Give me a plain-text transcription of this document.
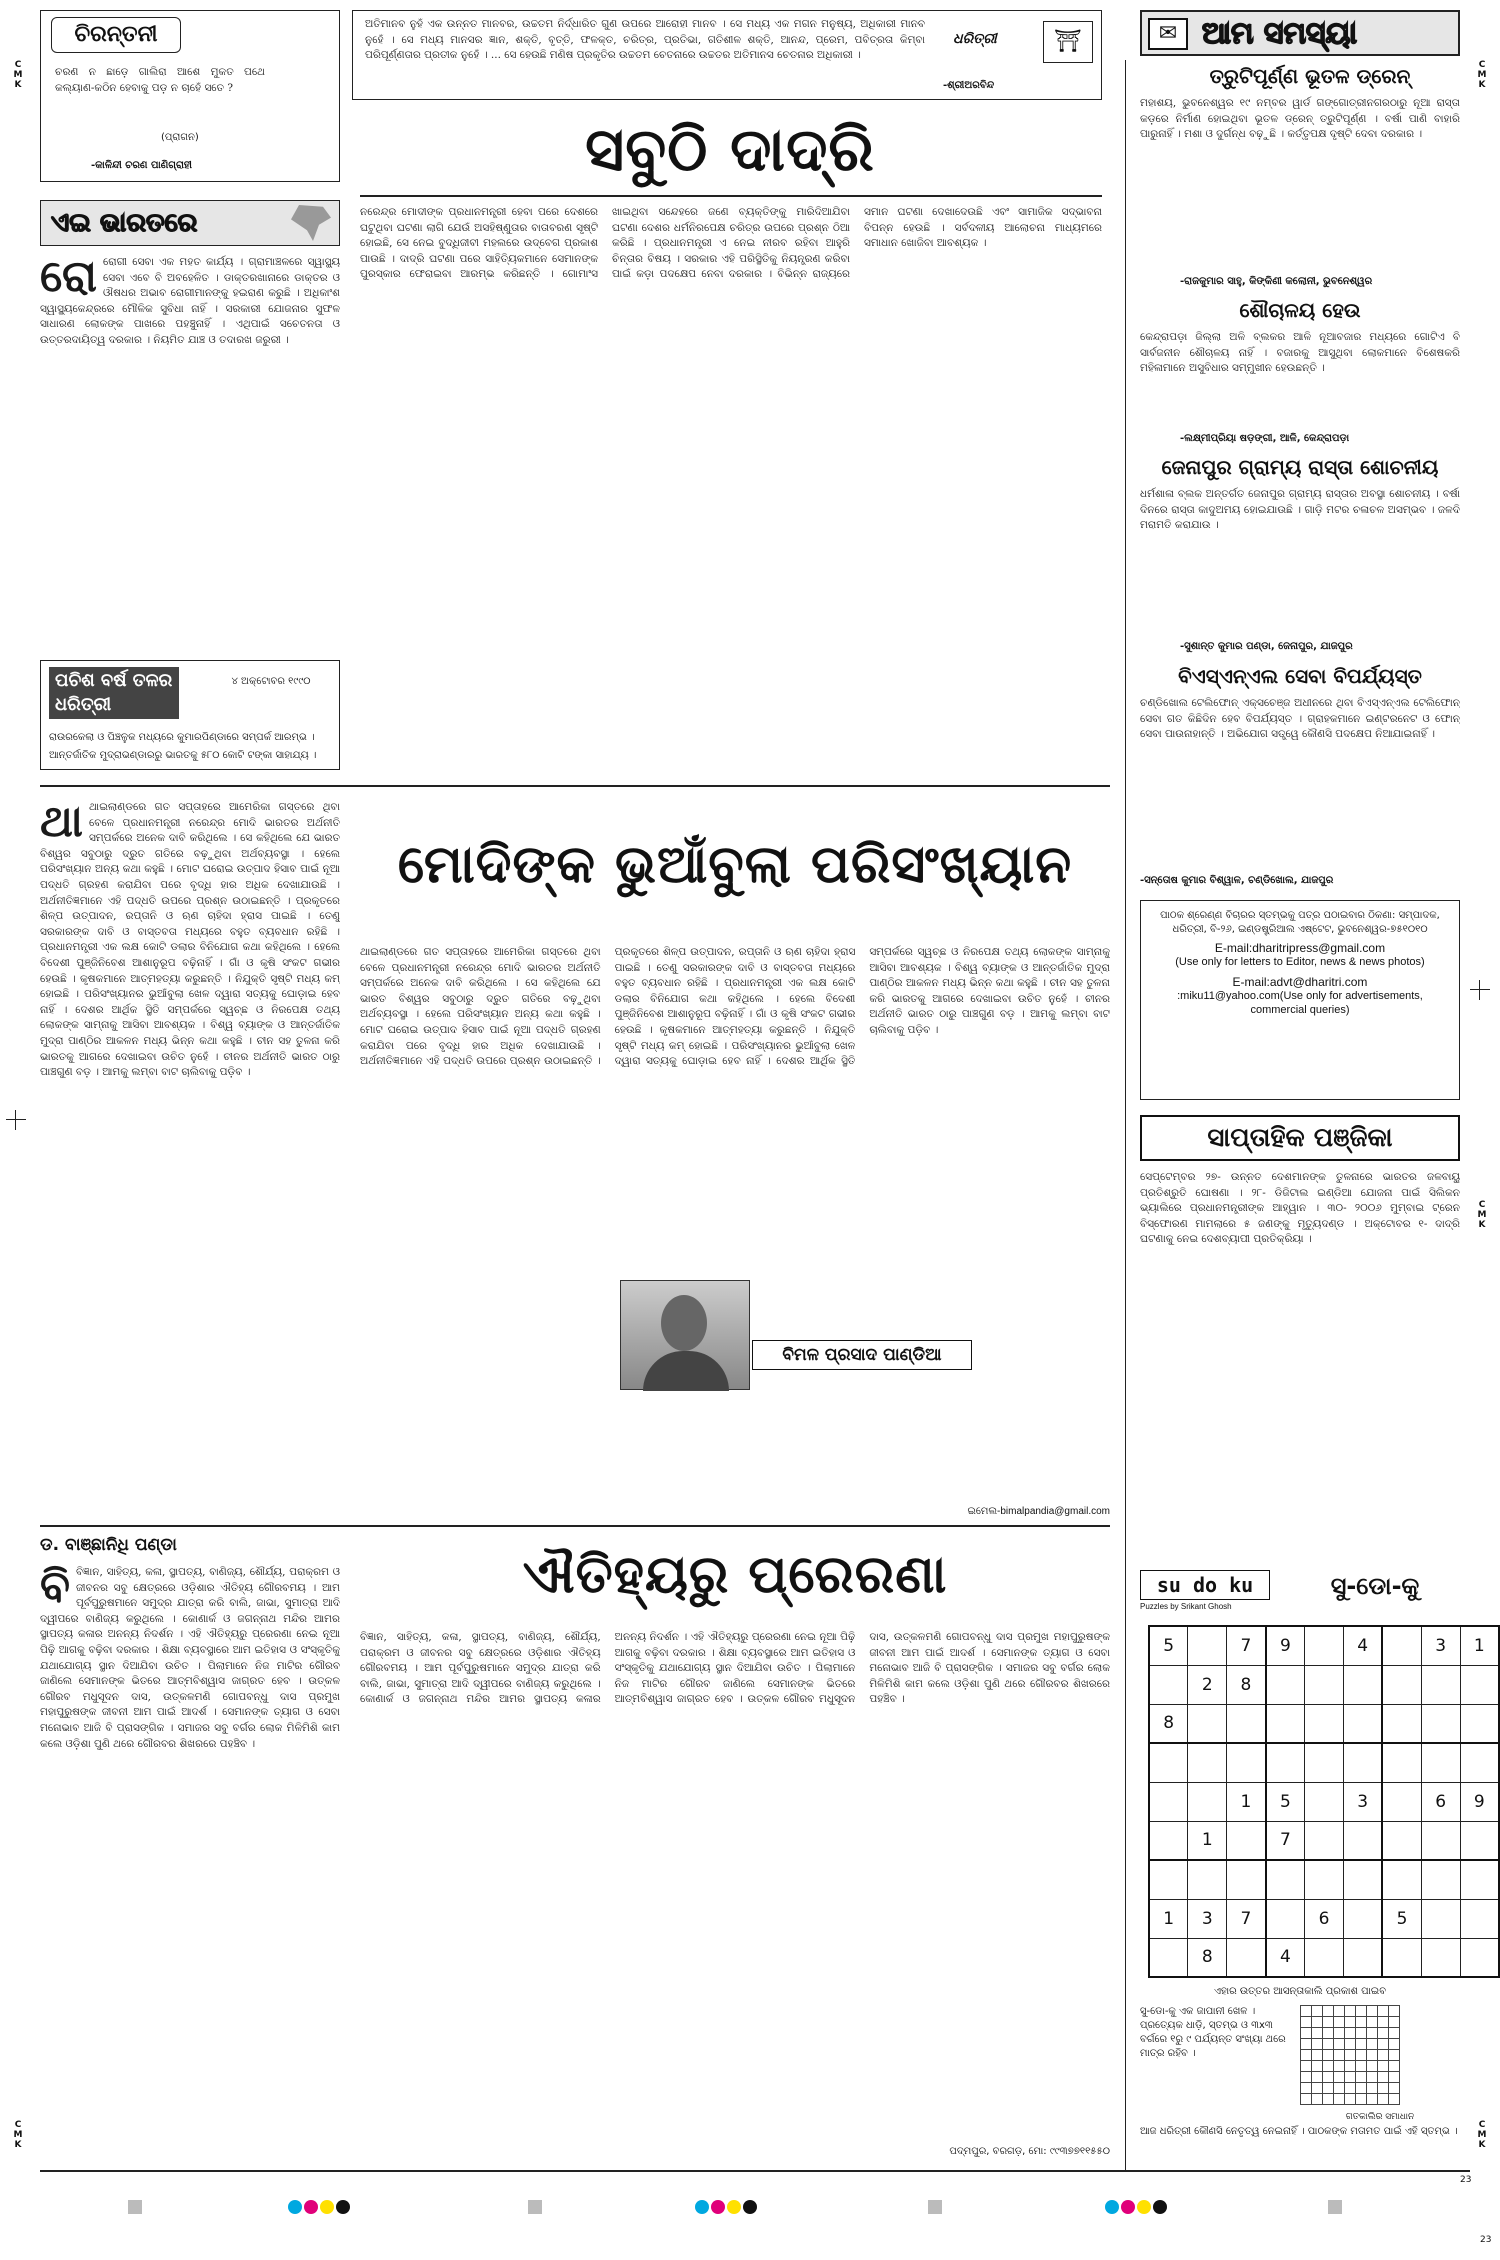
ଚିରନ୍ତନୀ
ଚରଣ ନ ଛାଡ଼େ ଗାଲିରା ଆଶେ ମୁକତ ପଥେ କଲ୍ୟାଣ-କଠିନ ହେବାକୁ ପଡ଼ ନ ଚାହେଁ ସତେ ?
(ପ୍ରାଗନ)
-କାଳିନ୍ଦୀ ଚରଣ ପାଣିଗ୍ରାହୀ
ଅତିମାନବ ନୁହଁ ଏକ ଉନ୍ନତ ମାନବର, ଉଚ୍ଚତମ ନିର୍ଦ୍ଧାରିତ ଗୁଣ ଉପରେ ଆରୋହୀ ମାନବ । ସେ ମଧ୍ୟ ଏକ ମଗନ ମନୁଷ୍ୟ, ଅଧିକାରୀ ମାନବ ନୁହେଁ । ସେ ମଧ୍ୟ ମାନସର ଜ୍ଞାନ, ଶକ୍ତି, ବୃତ୍ତି, ଫଳକ୍ତ, ଚରିତ୍ର, ପ୍ରତିଭା, ଗତିଶୀଳ ଶକ୍ତି, ଆନନ୍ଦ, ପ୍ରେମ, ପବିତ୍ରତା କିମ୍ବା ପରିପୂର୍ଣ୍ଣତାର ପ୍ରତୀକ ନୁହେଁ । ... ସେ ହେଉଛି ମଣିଷ ପ୍ରକୃତିର ଉଚ୍ଚତମ ଚେତନାରେ ଉଚ୍ଚତର ଅତିମାନସ ଚେତନାର ଅଧିକାରୀ ।
-ଶ୍ରୀଅରବିନ୍ଦ
⛩
ଧରିତ୍ରୀ	✉ ଆମ ସମସ୍ୟା
C
M
K
C
M
K
C
M
K
C
M
K
C
M
K
ଏଇ ଭାରତରେ
ରୋରୋଗୀ ସେବା ଏକ ମହତ କାର୍ଯ୍ୟ । ଗ୍ରାମାଞ୍ଚଳରେ ସ୍ୱାସ୍ଥ୍ୟ ସେବା ଏବେ ବି ଅବହେଳିତ । ଡାକ୍ତରଖାନାରେ ଡାକ୍ତର ଓ ଔଷଧର ଅଭାବ ରୋଗୀମାନଙ୍କୁ ହଇରାଣ କରୁଛି । ଅଧିକାଂଶ ସ୍ୱାସ୍ଥ୍ୟକେନ୍ଦ୍ରରେ ମୌଳିକ ସୁବିଧା ନାହିଁ । ସରକାରୀ ଯୋଜନାର ସୁଫଳ ସାଧାରଣ ଲୋକଙ୍କ ପାଖରେ ପହଞ୍ଚୁନାହିଁ । ଏଥିପାଇଁ ସଚେତନତା ଓ ଉତ୍ତରଦାୟିତ୍ୱ ଦରକାର । ନିୟମିତ ଯାଞ୍ଚ ଓ ତଦାରଖ ଜରୁରୀ ।
ପଚିଶ ବର୍ଷ ତଳର ଧରିତ୍ରୀ
୪ ଅକ୍ଟୋବର ୧୯୯୦
ରାଉରକେଲା ଓ ପିଞ୍ଚଳୁକ ମଧ୍ୟରେ କୁମାରପିଣ୍ଡାରେ ସମ୍ପର୍କ ଆରମ୍ଭ ।
ଆନ୍ତର୍ଜାତିକ ମୁଦ୍ରାଭଣ୍ଡାରରୁ ଭାରତକୁ ୫୮୦ କୋଟି ଟଙ୍କା ସାହାଯ୍ୟ ।
ସବୁଠି ଦାଦ୍ରି
ନରେନ୍ଦ୍ର ମୋଦୀଙ୍କ ପ୍ରଧାନମନ୍ତ୍ରୀ ହେବା ପରେ ଦେଶରେ ଘଟୁଥିବା ଘଟଣା ଲାଗି ଯେଉଁ ଅସହିଷ୍ଣୁତାର ବାତାବରଣ ସୃଷ୍ଟି ହୋଇଛି, ସେ ନେଇ ବୁଦ୍ଧିଜୀବୀ ମହଲରେ ଉଦ୍‌ବେଗ ପ୍ରକାଶ ପାଉଛି । ଦାଦ୍ରି ଘଟଣା ପରେ ସାହିତ୍ୟିକମାନେ ସେମାନଙ୍କ ପୁରସ୍କାର ଫେରାଇବା ଆରମ୍ଭ କରିଛନ୍ତି । ଗୋମାଂସ ଖାଇଥିବା ସନ୍ଦେହରେ ଜଣେ ବ୍ୟକ୍ତିଙ୍କୁ ମାରିଦିଆଯିବା ଘଟଣା ଦେଶର ଧର୍ମନିରପେକ୍ଷ ଚରିତ୍ର ଉପରେ ପ୍ରଶ୍ନ ଠିଆ କରିଛି । ପ୍ରଧାନମନ୍ତ୍ରୀ ଏ ନେଇ ନୀରବ ରହିବା ଆହୁରି ଚିନ୍ତାର ବିଷୟ । ସରକାର ଏହି ପରିସ୍ଥିତିକୁ ନିୟନ୍ତ୍ରଣ କରିବା ପାଇଁ କଡ଼ା ପଦକ୍ଷେପ ନେବା ଦରକାର । ବିଭିନ୍ନ ରାଜ୍ୟରେ ସମାନ ଘଟଣା ଦେଖାଦେଉଛି ଏବଂ ସାମାଜିକ ସଦ୍‌ଭାବନା ବିପନ୍ନ ହେଉଛି । ସର୍ବଦଳୀୟ ଆଲୋଚନା ମାଧ୍ୟମରେ ସମାଧାନ ଖୋଜିବା ଆବଶ୍ୟକ ।
ତ୍ରୁଟିପୂର୍ଣ୍ଣ ଭୂତଳ ଡ୍ରେନ୍
ମହାଶୟ, ଭୁବନେଶ୍ୱର ୧୯ ନମ୍ବର ୱାର୍ଡ ଗଙ୍ଗୋତ୍ରୀନଗରଠାରୁ ନୂଆ ରାସ୍ତା କଡ଼ରେ ନିର୍ମାଣ ହୋଇଥିବା ଭୂତଳ ଡ୍ରେନ୍ ତ୍ରୁଟିପୂର୍ଣ୍ଣ । ବର୍ଷା ପାଣି ବାହାରି ପାରୁନାହିଁ । ମଶା ଓ ଦୁର୍ଗନ୍ଧ ବଢ଼ୁଛି । କର୍ତ୍ତୃପକ୍ଷ ଦୃଷ୍ଟି ଦେବା ଦରକାର ।
-ରାଜକୁମାର ସାହୁ, କିଙ୍କିଣୀ କଲୋନୀ, ଭୁବନେଶ୍ୱର
ଶୌଚାଳୟ ହେଉ
କେନ୍ଦ୍ରାପଡ଼ା ଜିଲ୍ଲା ଅଳି ବ୍ଲକର ଆଳି ନୂଆବଜାର ମଧ୍ୟରେ ଗୋଟିଏ ବି ସାର୍ବଜନୀନ ଶୌଚାଳୟ ନାହିଁ । ବଜାରକୁ ଆସୁଥିବା ଲୋକମାନେ ବିଶେଷକରି ମହିଳାମାନେ ଅସୁବିଧାର ସମ୍ମୁଖୀନ ହେଉଛନ୍ତି ।
-ଲକ୍ଷ୍ମୀପ୍ରିୟା ଷଡ଼ଙ୍ଗୀ, ଆଳି, କେନ୍ଦ୍ରାପଡ଼ା
ଜେନାପୁର ଗ୍ରାମ୍ୟ ରାସ୍ତା ଶୋଚନୀୟ
ଧର୍ମଶାଳା ବ୍ଲକ ଅନ୍ତର୍ଗତ ଜେନାପୁର ଗ୍ରାମ୍ୟ ରାସ୍ତାର ଅବସ୍ଥା ଶୋଚନୀୟ । ବର୍ଷା ଦିନରେ ରାସ୍ତା କାଦୁଅମୟ ହୋଇଯାଉଛି । ଗାଡ଼ି ମଟର ଚଳାଚଳ ଅସମ୍ଭବ । ଜଳଦି ମରାମତି କରାଯାଉ ।
-ସୁଶାନ୍ତ କୁମାର ପଣ୍ଡା, ଜେନାପୁର, ଯାଜପୁର
ବିଏସ୍ଏନ୍ଏଲ ସେବା ବିପର୍ଯ୍ୟସ୍ତ
ଚଣ୍ଡିଖୋଲ ଟେଲିଫୋନ୍ ଏକ୍ସଚେଞ୍ଜ ଅଧୀନରେ ଥିବା ବିଏସ୍ଏନ୍ଏଲ ଟେଲିଫୋନ୍ ସେବା ଗତ କିଛିଦିନ ହେବ ବିପର୍ଯ୍ୟସ୍ତ । ଗ୍ରାହକମାନେ ଇଣ୍ଟରନେଟ ଓ ଫୋନ୍ ସେବା ପାଉନାହାନ୍ତି । ଅଭିଯୋଗ ସତ୍ତ୍ୱେ କୌଣସି ପଦକ୍ଷେପ ନିଆଯାଇନାହିଁ ।
-ସନ୍ତୋଷ କୁମାର ବିଶ୍ୱାଳ, ଚଣ୍ଡିଖୋଲ, ଯାଜପୁର
ପାଠକ ଶ୍ରେଣ୍ଣ ବିଚାରର ସ୍ତମ୍ଭକୁ ପତ୍ର ପଠାଇବାର ଠିକଣା: ସମ୍ପାଦକ, ଧରିତ୍ରୀ, ବି-୨୬, ଇଣ୍ଡଷ୍ଟ୍ରିଆଲ ଏଷ୍ଟେଟ, ଭୁବନେଶ୍ୱର-୭୫୧୦୧୦
E-mail:dharitripress@gmail.com
(Use only for letters to Editor, news & news photos)
E-mail:advt@dharitri.com
:miku11@yahoo.com(Use only for advertisements, commercial queries)
ସାପ୍ତାହିକ ପଞ୍ଜିକା
ସେପ୍ଟେମ୍ବର ୨୭- ଉନ୍ନତ ଦେଶମାନଙ୍କ ତୁଳନାରେ ଭାରତର ଜଳବାୟୁ ପ୍ରତିଶ୍ରୁତି ଘୋଷଣା । ୨୮- ଡିଜିଟାଲ ଇଣ୍ଡିଆ ଯୋଜନା ପାଇଁ ସିଲିକନ ଭ୍ୟାଲିରେ ପ୍ରଧାନମନ୍ତ୍ରୀଙ୍କ ଆହ୍ୱାନ । ୩୦- ୨୦୦୬ ମୁମ୍ବାଇ ଟ୍ରେନ ବିସ୍ଫୋରଣ ମାମଲାରେ ୫ ଜଣଙ୍କୁ ମୃତ୍ୟୁଦଣ୍ଡ । ଅକ୍ଟୋବର ୧- ଦାଦ୍ରି ଘଟଣାକୁ ନେଇ ଦେଶବ୍ୟାପୀ ପ୍ରତିକ୍ରିୟା ।
su do ku
Puzzles by Srikant Ghosh
ସୁ-ଡୋ-କୁ
5		7	9		4		3	1
	2	8						
8								

		1	5		3		6	9
	1		7					

1	3	7		6		5		
	8		4					
ଏହାର ଉତ୍ତର ଆସନ୍ତାକାଲି ପ୍ରକାଶ ପାଇବ
ସୁ-ଡୋ-କୁ ଏକ ଜାପାନୀ ଖେଳ । ପ୍ରତ୍ୟେକ ଧାଡ଼ି, ସ୍ତମ୍ଭ ଓ ୩x୩ ବର୍ଗରେ ୧ରୁ ୯ ପର୍ଯ୍ୟନ୍ତ ସଂଖ୍ୟା ଥରେ ମାତ୍ର ରହିବ ।

ଗତକାଲିର ସମାଧାନ
ଆଜ ଧରିତ୍ରୀ କୌଣସି ନେତୃତ୍ୱ ନେଇନାହିଁ । ପାଠକଙ୍କ ମତାମତ ପାଇଁ ଏହି ସ୍ତମ୍ଭ ।
ଥାଥାଇଲାଣ୍ଡରେ ଗତ ସପ୍ତାହରେ ଆମେରିକା ଗସ୍ତରେ ଥିବା ବେଳେ ପ୍ରଧାନମନ୍ତ୍ରୀ ନରେନ୍ଦ୍ର ମୋଦି ଭାରତର ଅର୍ଥନୀତି ସମ୍ପର୍କରେ ଅନେକ ଦାବି କରିଥିଲେ । ସେ କହିଥିଲେ ଯେ ଭାରତ ବିଶ୍ୱର ସବୁଠାରୁ ଦ୍ରୁତ ଗତିରେ ବଢ଼ୁଥିବା ଅର୍ଥବ୍ୟବସ୍ଥା । ହେଲେ ପରିସଂଖ୍ୟାନ ଅନ୍ୟ କଥା କହୁଛି । ମୋଟ ଘରୋଇ ଉତ୍ପାଦ ହିସାବ ପାଇଁ ନୂଆ ପଦ୍ଧତି ଗ୍ରହଣ କରାଯିବା ପରେ ବୃଦ୍ଧି ହାର ଅଧିକ ଦେଖାଯାଉଛି । ଅର୍ଥନୀତିଜ୍ଞମାନେ ଏହି ପଦ୍ଧତି ଉପରେ ପ୍ରଶ୍ନ ଉଠାଇଛନ୍ତି । ପ୍ରକୃତରେ ଶିଳ୍ପ ଉତ୍ପାଦନ, ରପ୍ତାନି ଓ ଋଣ ଚାହିଦା ହ୍ରାସ ପାଇଛି । ତେଣୁ ସରକାରଙ୍କ ଦାବି ଓ ବାସ୍ତବତା ମଧ୍ୟରେ ବହୁତ ବ୍ୟବଧାନ ରହିଛି । ପ୍ରଧାନମନ୍ତ୍ରୀ ଏକ ଲକ୍ଷ କୋଟି ଡଲାର ବିନିଯୋଗ କଥା କହିଥିଲେ । ହେଲେ ବିଦେଶୀ ପୁଞ୍ଜିନିବେଶ ଆଶାନୁରୂପ ବଢ଼ିନାହିଁ । ଗାଁ ଓ କୃଷି ସଂକଟ ଗଭୀର ହେଉଛି । କୃଷକମାନେ ଆତ୍ମହତ୍ୟା କରୁଛନ୍ତି । ନିଯୁକ୍ତି ସୃଷ୍ଟି ମଧ୍ୟ କମ୍ ହୋଇଛି । ପରିସଂଖ୍ୟାନର ଭୁଆଁବୁଲା ଖେଳ ଦ୍ୱାରା ସତ୍ୟକୁ ଘୋଡ଼ାଇ ହେବ ନାହିଁ । ଦେଶର ଆର୍ଥିକ ସ୍ଥିତି ସମ୍ପର୍କରେ ସ୍ୱଚ୍ଛ ଓ ନିରପେକ୍ଷ ତଥ୍ୟ ଲୋକଙ୍କ ସାମ୍ନାକୁ ଆସିବା ଆବଶ୍ୟକ । ବିଶ୍ୱ ବ୍ୟାଙ୍କ ଓ ଆନ୍ତର୍ଜାତିକ ମୁଦ୍ରା ପାଣ୍ଠିର ଆକଳନ ମଧ୍ୟ ଭିନ୍ନ କଥା କହୁଛି । ଚୀନ ସହ ତୁଳନା କରି ଭାରତକୁ ଆଗରେ ଦେଖାଇବା ଉଚିତ ନୁହେଁ । ଚୀନର ଅର୍ଥନୀତି ଭାରତ ଠାରୁ ପାଞ୍ଚଗୁଣ ବଡ଼ । ଆମକୁ ଲମ୍ବା ବାଟ ଚାଲିବାକୁ ପଡ଼ିବ ।
ମୋଦିଙ୍କ ଭୁଆଁବୁଲା ପରିସଂଖ୍ୟାନ
ଥାଇଲାଣ୍ଡରେ ଗତ ସପ୍ତାହରେ ଆମେରିକା ଗସ୍ତରେ ଥିବା ବେଳେ ପ୍ରଧାନମନ୍ତ୍ରୀ ନରେନ୍ଦ୍ର ମୋଦି ଭାରତର ଅର୍ଥନୀତି ସମ୍ପର୍କରେ ଅନେକ ଦାବି କରିଥିଲେ । ସେ କହିଥିଲେ ଯେ ଭାରତ ବିଶ୍ୱର ସବୁଠାରୁ ଦ୍ରୁତ ଗତିରେ ବଢ଼ୁଥିବା ଅର୍ଥବ୍ୟବସ୍ଥା । ହେଲେ ପରିସଂଖ୍ୟାନ ଅନ୍ୟ କଥା କହୁଛି । ମୋଟ ଘରୋଇ ଉତ୍ପାଦ ହିସାବ ପାଇଁ ନୂଆ ପଦ୍ଧତି ଗ୍ରହଣ କରାଯିବା ପରେ ବୃଦ୍ଧି ହାର ଅଧିକ ଦେଖାଯାଉଛି । ଅର୍ଥନୀତିଜ୍ଞମାନେ ଏହି ପଦ୍ଧତି ଉପରେ ପ୍ରଶ୍ନ ଉଠାଇଛନ୍ତି । ପ୍ରକୃତରେ ଶିଳ୍ପ ଉତ୍ପାଦନ, ରପ୍ତାନି ଓ ଋଣ ଚାହିଦା ହ୍ରାସ ପାଇଛି । ତେଣୁ ସରକାରଙ୍କ ଦାବି ଓ ବାସ୍ତବତା ମଧ୍ୟରେ ବହୁତ ବ୍ୟବଧାନ ରହିଛି । ପ୍ରଧାନମନ୍ତ୍ରୀ ଏକ ଲକ୍ଷ କୋଟି ଡଲାର ବିନିଯୋଗ କଥା କହିଥିଲେ । ହେଲେ ବିଦେଶୀ ପୁଞ୍ଜିନିବେଶ ଆଶାନୁରୂପ ବଢ଼ିନାହିଁ । ଗାଁ ଓ କୃଷି ସଂକଟ ଗଭୀର ହେଉଛି । କୃଷକମାନେ ଆତ୍ମହତ୍ୟା କରୁଛନ୍ତି । ନିଯୁକ୍ତି ସୃଷ୍ଟି ମଧ୍ୟ କମ୍ ହୋଇଛି । ପରିସଂଖ୍ୟାନର ଭୁଆଁବୁଲା ଖେଳ ଦ୍ୱାରା ସତ୍ୟକୁ ଘୋଡ଼ାଇ ହେବ ନାହିଁ । ଦେଶର ଆର୍ଥିକ ସ୍ଥିତି ସମ୍ପର୍କରେ ସ୍ୱଚ୍ଛ ଓ ନିରପେକ୍ଷ ତଥ୍ୟ ଲୋକଙ୍କ ସାମ୍ନାକୁ ଆସିବା ଆବଶ୍ୟକ । ବିଶ୍ୱ ବ୍ୟାଙ୍କ ଓ ଆନ୍ତର୍ଜାତିକ ମୁଦ୍ରା ପାଣ୍ଠିର ଆକଳନ ମଧ୍ୟ ଭିନ୍ନ କଥା କହୁଛି । ଚୀନ ସହ ତୁଳନା କରି ଭାରତକୁ ଆଗରେ ଦେଖାଇବା ଉଚିତ ନୁହେଁ । ଚୀନର ଅର୍ଥନୀତି ଭାରତ ଠାରୁ ପାଞ୍ଚଗୁଣ ବଡ଼ । ଆମକୁ ଲମ୍ବା ବାଟ ଚାଲିବାକୁ ପଡ଼ିବ ।
ବିମଳ ପ୍ରସାଦ ପାଣ୍ଡିଆ
ଇମେଲ-bimalpandia@gmail.com
ଡ. ବାଞ୍ଛାନିଧି ପଣ୍ଡା	ଐତିହ୍ୟରୁ ପ୍ରେରଣା
ବିବିଜ୍ଞାନ, ସାହିତ୍ୟ, କଳା, ସ୍ଥାପତ୍ୟ, ବାଣିଜ୍ୟ, ଶୌର୍ଯ୍ୟ, ପରାକ୍ରମ ଓ ଜୀବନର ସବୁ କ୍ଷେତ୍ରରେ ଓଡ଼ିଶାର ଐତିହ୍ୟ ଗୌରବମୟ । ଆମ ପୂର୍ବପୁରୁଷମାନେ ସମୁଦ୍ର ଯାତ୍ରା କରି ବାଲି, ଜାଭା, ସୁମାତ୍ରା ଆଦି ଦ୍ୱୀପରେ ବାଣିଜ୍ୟ କରୁଥିଲେ । କୋଣାର୍କ ଓ ଜଗନ୍ନାଥ ମନ୍ଦିର ଆମର ସ୍ଥାପତ୍ୟ କଳାର ଅନନ୍ୟ ନିଦର୍ଶନ । ଏହି ଐତିହ୍ୟରୁ ପ୍ରେରଣା ନେଇ ନୂଆ ପିଢ଼ି ଆଗକୁ ବଢ଼ିବା ଦରକାର । ଶିକ୍ଷା ବ୍ୟବସ୍ଥାରେ ଆମ ଇତିହାସ ଓ ସଂସ୍କୃତିକୁ ଯଥାଯୋଗ୍ୟ ସ୍ଥାନ ଦିଆଯିବା ଉଚିତ । ପିଲାମାନେ ନିଜ ମାଟିର ଗୌରବ ଜାଣିଲେ ସେମାନଙ୍କ ଭିତରେ ଆତ୍ମବିଶ୍ୱାସ ଜାଗ୍ରତ ହେବ । ଉତ୍କଳ ଗୌରବ ମଧୁସୂଦନ ଦାସ, ଉତ୍କଳମଣି ଗୋପବନ୍ଧୁ ଦାସ ପ୍ରମୁଖ ମହାପୁରୁଷଙ୍କ ଜୀବନୀ ଆମ ପାଇଁ ଆଦର୍ଶ । ସେମାନଙ୍କ ତ୍ୟାଗ ଓ ସେବା ମନୋଭାବ ଆଜି ବି ପ୍ରାସଙ୍ଗିକ । ସମାଜର ସବୁ ବର୍ଗର ଲୋକ ମିଳିମିଶି କାମ କଲେ ଓଡ଼ିଶା ପୁଣି ଥରେ ଗୌରବର ଶିଖରରେ ପହଞ୍ଚିବ ।
ବିଜ୍ଞାନ, ସାହିତ୍ୟ, କଳା, ସ୍ଥାପତ୍ୟ, ବାଣିଜ୍ୟ, ଶୌର୍ଯ୍ୟ, ପରାକ୍ରମ ଓ ଜୀବନର ସବୁ କ୍ଷେତ୍ରରେ ଓଡ଼ିଶାର ଐତିହ୍ୟ ଗୌରବମୟ । ଆମ ପୂର୍ବପୁରୁଷମାନେ ସମୁଦ୍ର ଯାତ୍ରା କରି ବାଲି, ଜାଭା, ସୁମାତ୍ରା ଆଦି ଦ୍ୱୀପରେ ବାଣିଜ୍ୟ କରୁଥିଲେ । କୋଣାର୍କ ଓ ଜଗନ୍ନାଥ ମନ୍ଦିର ଆମର ସ୍ଥାପତ୍ୟ କଳାର ଅନନ୍ୟ ନିଦର୍ଶନ । ଏହି ଐତିହ୍ୟରୁ ପ୍ରେରଣା ନେଇ ନୂଆ ପିଢ଼ି ଆଗକୁ ବଢ଼ିବା ଦରକାର । ଶିକ୍ଷା ବ୍ୟବସ୍ଥାରେ ଆମ ଇତିହାସ ଓ ସଂସ୍କୃତିକୁ ଯଥାଯୋଗ୍ୟ ସ୍ଥାନ ଦିଆଯିବା ଉଚିତ । ପିଲାମାନେ ନିଜ ମାଟିର ଗୌରବ ଜାଣିଲେ ସେମାନଙ୍କ ଭିତରେ ଆତ୍ମବିଶ୍ୱାସ ଜାଗ୍ରତ ହେବ । ଉତ୍କଳ ଗୌରବ ମଧୁସୂଦନ ଦାସ, ଉତ୍କଳମଣି ଗୋପବନ୍ଧୁ ଦାସ ପ୍ରମୁଖ ମହାପୁରୁଷଙ୍କ ଜୀବନୀ ଆମ ପାଇଁ ଆଦର୍ଶ । ସେମାନଙ୍କ ତ୍ୟାଗ ଓ ସେବା ମନୋଭାବ ଆଜି ବି ପ୍ରାସଙ୍ଗିକ । ସମାଜର ସବୁ ବର୍ଗର ଲୋକ ମିଳିମିଶି କାମ କଲେ ଓଡ଼ିଶା ପୁଣି ଥରେ ଗୌରବର ଶିଖରରେ ପହଞ୍ଚିବ ।
ପଦ୍ମପୁର, ବରଗଡ଼, ମୋ: ୯୯୩୭୭୧୧୫୫୦
23
23
